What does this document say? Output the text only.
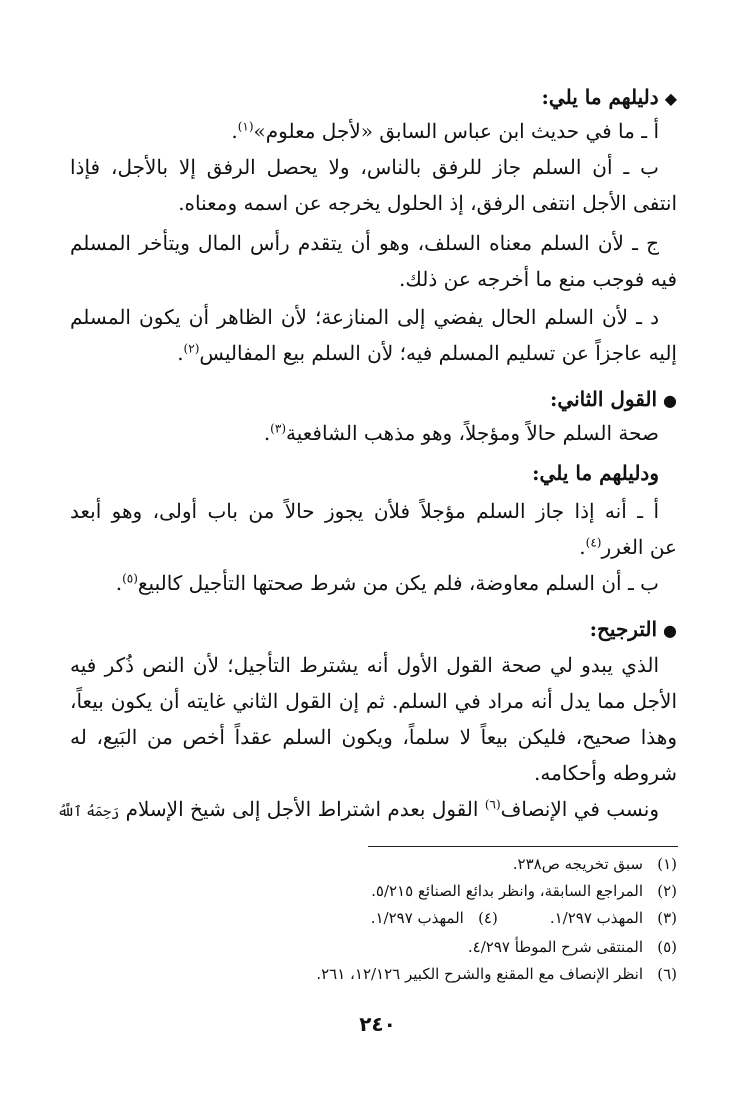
◆دليلهم ما يلي:
أ ـ ما في حديث ابن عباس السابق «لأجل معلوم»$^{(١)}$.
ب ـ أن السلم جاز للرفق بالناس، ولا يحصل الرفق إلا بالأجل، فإذا
انتفى الأجل انتفى الرفق، إذ الحلول يخرجه عن اسمه ومعناه.
ج ـ لأن السلم معناه السلف، وهو أن يتقدم رأس المال ويتأخر المسلم
فيه فوجب منع ما أخرجه عن ذلك.
د ـ لأن السلم الحال يفضي إلى المنازعة؛ لأن الظاهر أن يكون المسلم
إليه عاجزاً عن تسليم المسلم فيه؛ لأن السلم بيع المفاليس$^{(٢)}$.
●القول الثاني:
صحة السلم حالاً ومؤجلاً، وهو مذهب الشافعية$^{(٣)}$.
ودليلهم ما يلي:
أ ـ أنه إذا جاز السلم مؤجلاً فلأن يجوز حالاً من باب أولى، وهو أبعد
عن الغرر$^{(٤)}$.
ب ـ أن السلم معاوضة، فلم يكن من شرط صحتها التأجيل كالبيع$^{(٥)}$.
●الترجيح:
الذي يبدو لي صحة القول الأول أنه يشترط التأجيل؛ لأن النص ذُكر فيه
الأجل مما يدل أنه مراد في السلم. ثم إن القول الثاني غايته أن يكون بيعاً،
وهذا صحيح، فليكن بيعاً لا سلماً، ويكون السلم عقداً أخص من البَيع، له
شروطه وأحكامه.
ونسب في الإنصاف$^{(٦)}$ القول بعدم اشتراط الأجل إلى شيخ الإسلام رَحِمَهُ ٱللَّهُ
(١)سبق تخريجه ص٢٣٨.
(٢)المراجع السابقة، وانظر بدائع الصنائع ٥/٢١٥.
(٣)المهذب ١/٢٩٧.(٤)المهذب ١/٢٩٧.
(٥)المنتقى شرح الموطأ ٤/٢٩٧.
(٦)انظر الإنصاف مع المقنع والشرح الكبير ١٢/١٢٦، ٢٦١.
٢٤٠
